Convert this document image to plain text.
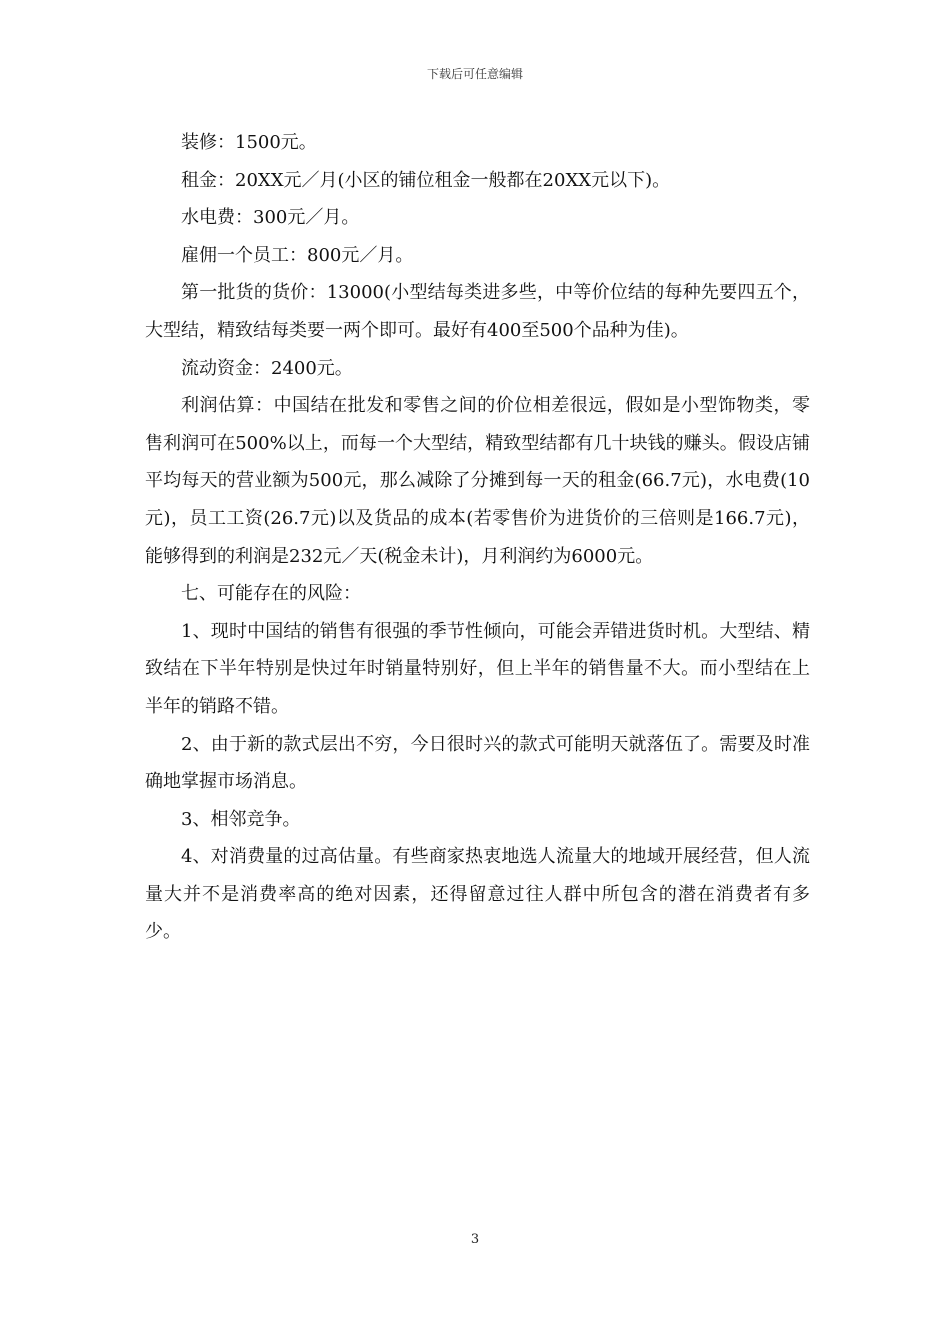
下载后可任意编辑

装修：1500元。

租金：20XX元／月(小区的铺位租金一般都在20XX元以下)。

水电费：300元／月。

雇佣一个员工：800元／月。

第一批货的货价：13000(小型结每类进多些，中等价位结的每种先要四五个，大型结，精致结每类要一两个即可。最好有400至500个品种为佳)。

流动资金：2400元。

利润估算：中国结在批发和零售之间的价位相差很远，假如是小型饰物类，零售利润可在500%以上，而每一个大型结，精致型结都有几十块钱的赚头。假设店铺平均每天的营业额为500元，那么减除了分摊到每一天的租金(66.7元)，水电费(10元)，员工工资(26.7元)以及货品的成本(若零售价为进货价的三倍则是166.7元)，能够得到的利润是232元／天(税金未计)，月利润约为6000元。

七、可能存在的风险：

1、现时中国结的销售有很强的季节性倾向，可能会弄错进货时机。大型结、精致结在下半年特别是快过年时销量特别好，但上半年的销售量不大。而小型结在上半年的销路不错。

2、由于新的款式层出不穷，今日很时兴的款式可能明天就落伍了。需要及时准确地掌握市场消息。

3、相邻竞争。

4、对消费量的过高估量。有些商家热衷地选人流量大的地域开展经营，但人流量大并不是消费率高的绝对因素，还得留意过往人群中所包含的潜在消费者有多少。

3
